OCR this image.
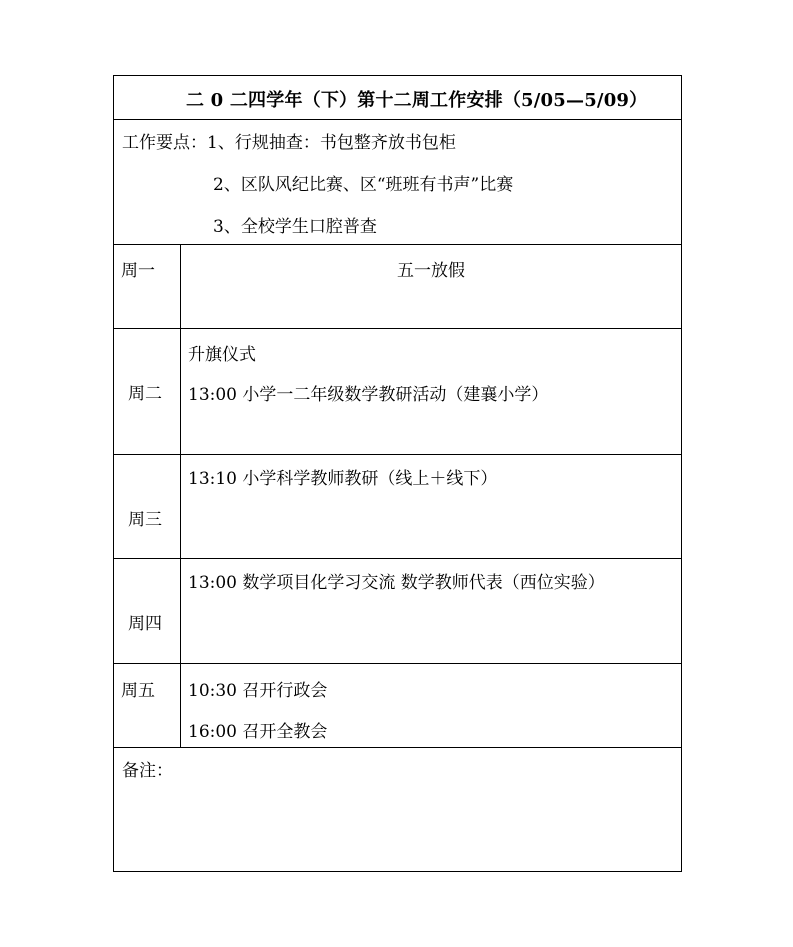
二 0 二四学年（下）第十二周工作安排（5/05—5/09）
工作要点：1、行规抽查：书包整齐放书包柜
2、区队风纪比赛、区“班班有书声”比赛
3、全校学生口腔普查
周一	五一放假
周二
升旗仪式
13:00 小学一二年级数学教研活动（建襄小学）
周三
13:10 小学科学教师教研（线上＋线下）
周四
13:00 数学项目化学习交流 数学教师代表（西位实验）
周五 10:30 召开行政会
16:00 召开全教会
备注：
